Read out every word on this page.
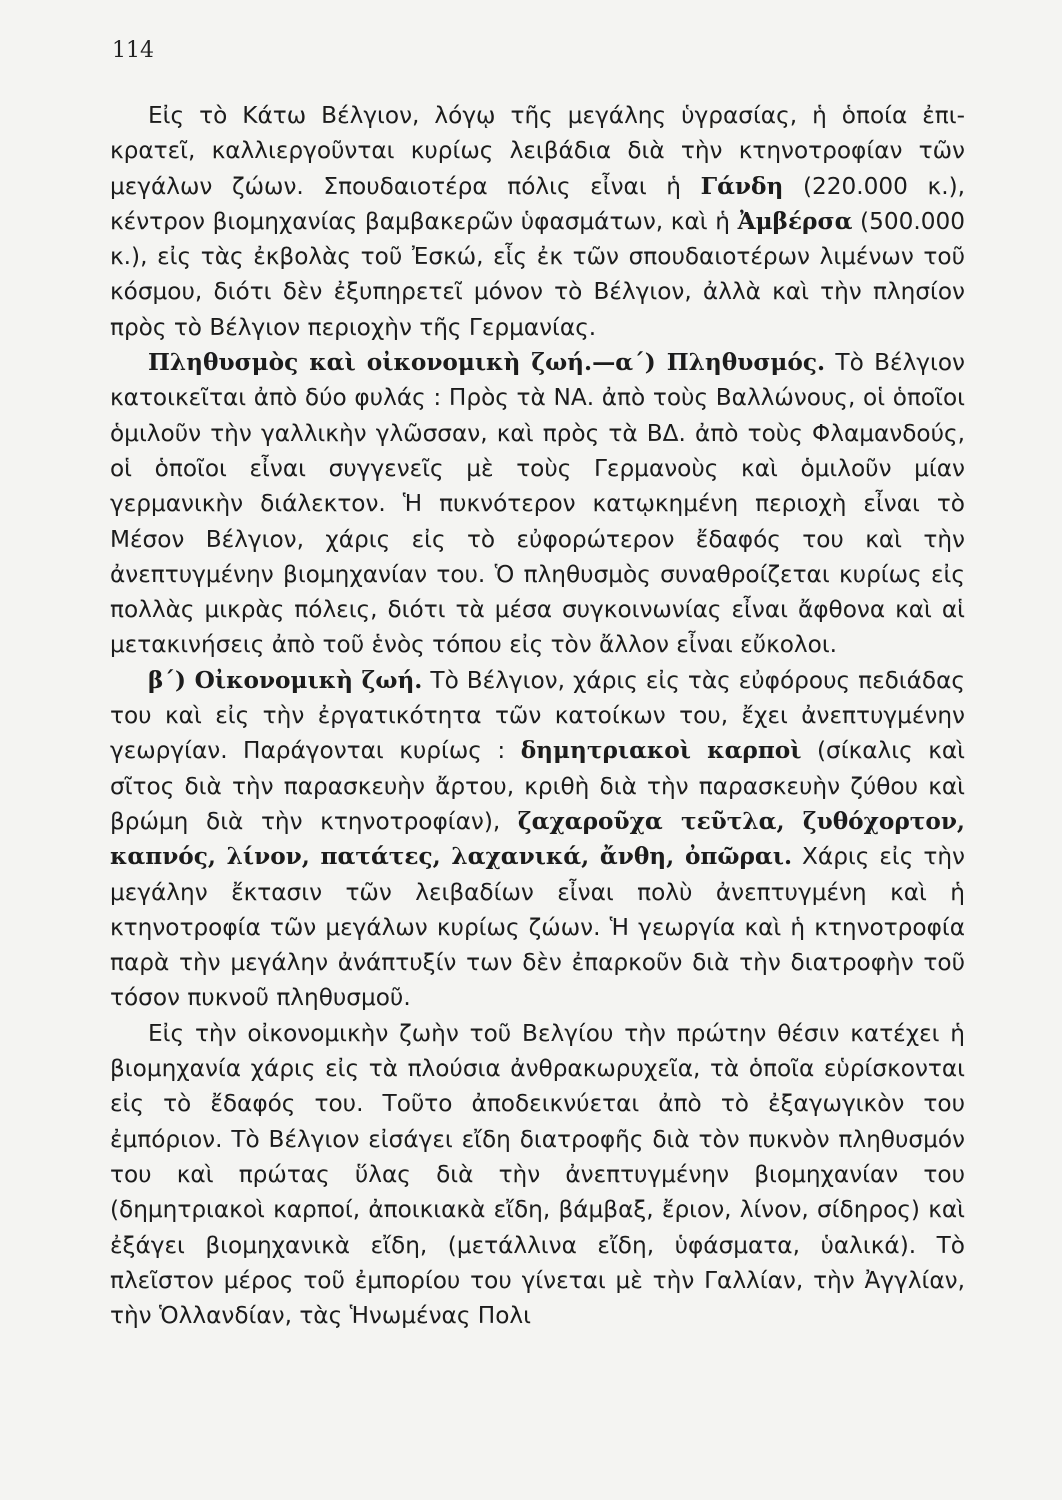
114

Εἰς τὸ Κάτω Βέλγιον, λόγῳ τῆς μεγάλης ὑγρασίας, ἡ ὁποία ἐπικρατεῖ, καλλιεργοῦνται κυρίως λειβάδια διὰ τὴν κτηνοτροφίαν τῶν μεγάλων ζώων. Σπουδαιοτέρα πόλις εἶναι ἡ Γάνδη (220.000 κ.), κέντρον βιομηχανίας βαμβακερῶν ὑφασμάτων, καὶ ἡ Ἀμβέρσα (500.000 κ.), εἰς τὰς ἐκβολὰς τοῦ Ἐσκώ, εἷς ἐκ τῶν σπουδαιοτέρων λιμένων τοῦ κόσμου, διότι δὲν ἐξυπηρετεῖ μόνον τὸ Βέλγιον, ἀλλὰ καὶ τὴν πλησίον πρὸς τὸ Βέλγιον περιοχὴν τῆς Γερμανίας.

Πληθυσμὸς καὶ οἰκονομικὴ ζωή.—α΄) Πληθυσμός. Τὸ Βέλγιον κατοικεῖται ἀπὸ δύο φυλάς : Πρὸς τὰ ΝΑ. ἀπὸ τοὺς Βαλλώνους, οἱ ὁποῖοι ὁμιλοῦν τὴν γαλλικὴν γλῶσσαν, καὶ πρὸς τὰ ΒΔ. ἀπὸ τοὺς Φλαμανδούς, οἱ ὁποῖοι εἶναι συγγενεῖς μὲ τοὺς Γερμανοὺς καὶ ὁμιλοῦν μίαν γερμανικὴν διάλεκτον. Ἡ πυκνότερον κατῳκημένη περιοχὴ εἶναι τὸ Μέσον Βέλγιον, χάρις εἰς τὸ εὐφορώτερον ἔδαφός του καὶ τὴν ἀνεπτυγμένην βιομηχανίαν του. Ὁ πληθυσμὸς συναθροίζεται κυρίως εἰς πολλὰς μικρὰς πόλεις, διότι τὰ μέσα συγκοινωνίας εἶναι ἄφθονα καὶ αἱ μετακινήσεις ἀπὸ τοῦ ἑνὸς τόπου εἰς τὸν ἄλλον εἶναι εὔκολοι.

β΄) Οἰκονομικὴ ζωή. Τὸ Βέλγιον, χάρις εἰς τὰς εὐφόρους πεδιάδας του καὶ εἰς τὴν ἐργατικότητα τῶν κατοίκων του, ἔχει ἀνεπτυγμένην γεωργίαν. Παράγονται κυρίως : δημητριακοὶ καρποὶ (σίκαλις καὶ σῖτος διὰ τὴν παρασκευὴν ἄρτου, κριθὴ διὰ τὴν παρασκευὴν ζύθου καὶ βρώμη διὰ τὴν κτηνοτροφίαν), ζαχαροῦχα τεῦτλα, ζυθόχορτον, καπνός, λίνον, πατάτες, λαχανικά, ἄνθη, ὀπῶραι. Χάρις εἰς τὴν μεγάλην ἔκτασιν τῶν λειβαδίων εἶναι πολὺ ἀνεπτυγμένη καὶ ἡ κτηνοτροφία τῶν μεγάλων κυρίως ζώων. Ἡ γεωργία καὶ ἡ κτηνοτροφία παρὰ τὴν μεγάλην ἀνάπτυξίν των δὲν ἐπαρκοῦν διὰ τὴν διατροφὴν τοῦ τόσον πυκνοῦ πληθυσμοῦ.

Εἰς τὴν οἰκονομικὴν ζωὴν τοῦ Βελγίου τὴν πρώτην θέσιν κατέχει ἡ βιομηχανία χάρις εἰς τὰ πλούσια ἀνθρακωρυχεῖα, τὰ ὁποῖα εὑρίσκονται εἰς τὸ ἔδαφός του. Τοῦτο ἀποδεικνύεται ἀπὸ τὸ ἐξαγωγικὸν του ἐμπόριον. Τὸ Βέλγιον εἰσάγει εἴδη διατροφῆς διὰ τὸν πυκνὸν πληθυσμόν του καὶ πρώτας ὕλας διὰ τὴν ἀνεπτυγμένην βιομηχανίαν του (δημητριακοὶ καρποί, ἀποικιακὰ εἴδη, βάμβαξ, ἔριον, λίνον, σίδηρος) καὶ ἐξάγει βιομηχανικὰ εἴδη, (μετάλλινα εἴδη, ὑφάσματα, ὑαλικά). Τὸ πλεῖστον μέρος τοῦ ἐμπορίου του γίνεται μὲ τὴν Γαλλίαν, τὴν Ἀγγλίαν, τὴν Ὁλλανδίαν, τὰς Ἡνωμένας Πολι
